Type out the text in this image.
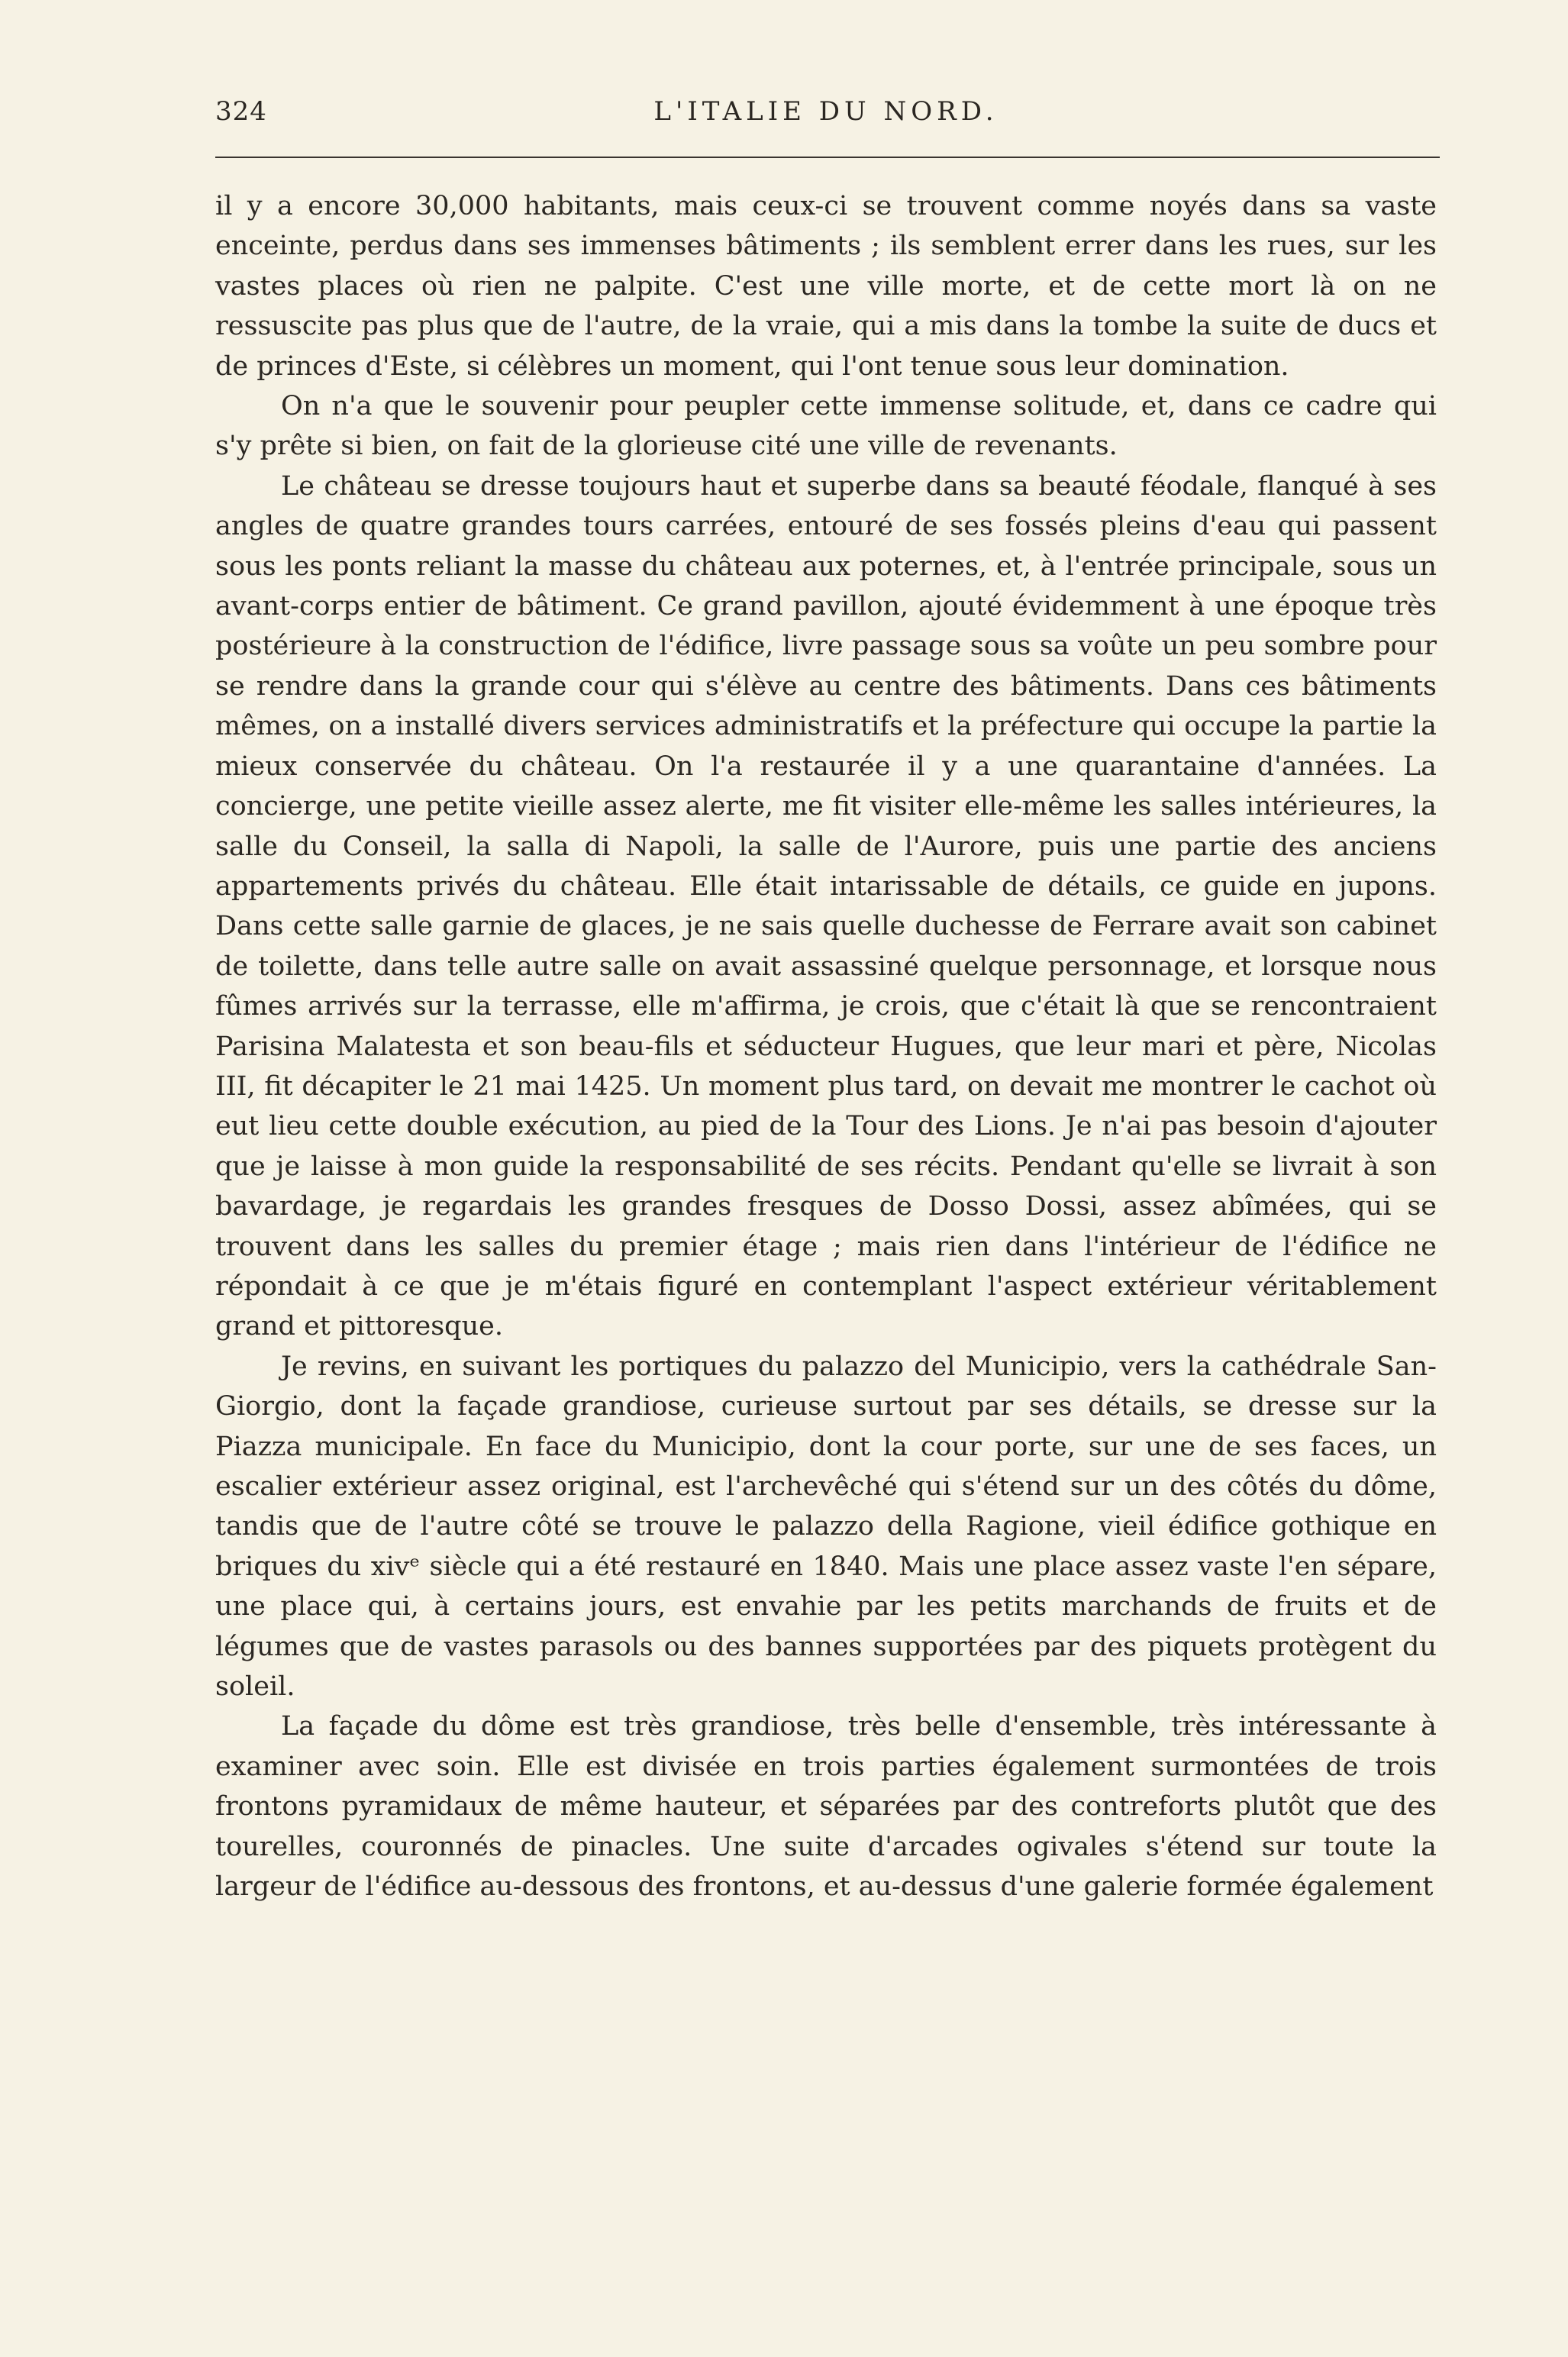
324	L'ITALIE DU NORD.

il y a encore 30,000 habitants, mais ceux-ci se trouvent comme noyés dans sa vaste enceinte, perdus dans ses immenses bâtiments ; ils semblent errer dans les rues, sur les vastes places où rien ne palpite. C'est une ville morte, et de cette mort là on ne ressuscite pas plus que de l'autre, de la vraie, qui a mis dans la tombe la suite de ducs et de princes d'Este, si célèbres un moment, qui l'ont tenue sous leur domination.

On n'a que le souvenir pour peupler cette immense solitude, et, dans ce cadre qui s'y prête si bien, on fait de la glorieuse cité une ville de revenants.

Le château se dresse toujours haut et superbe dans sa beauté féodale, flanqué à ses angles de quatre grandes tours carrées, entouré de ses fossés pleins d'eau qui passent sous les ponts reliant la masse du château aux poternes, et, à l'entrée principale, sous un avant-corps entier de bâtiment. Ce grand pavillon, ajouté évidemment à une époque très postérieure à la construction de l'édifice, livre passage sous sa voûte un peu sombre pour se rendre dans la grande cour qui s'élève au centre des bâtiments. Dans ces bâtiments mêmes, on a installé divers services administratifs et la préfecture qui occupe la partie la mieux conservée du château. On l'a restaurée il y a une quarantaine d'années. La concierge, une petite vieille assez alerte, me fit visiter elle-même les salles intérieures, la salle du Conseil, la salla di Napoli, la salle de l'Aurore, puis une partie des anciens appartements privés du château. Elle était intarissable de détails, ce guide en jupons. Dans cette salle garnie de glaces, je ne sais quelle duchesse de Ferrare avait son cabinet de toilette, dans telle autre salle on avait assassiné quelque personnage, et lorsque nous fûmes arrivés sur la terrasse, elle m'affirma, je crois, que c'était là que se rencontraient Parisina Malatesta et son beau-fils et séducteur Hugues, que leur mari et père, Nicolas III, fit décapiter le 21 mai 1425. Un moment plus tard, on devait me montrer le cachot où eut lieu cette double exécution, au pied de la Tour des Lions. Je n'ai pas besoin d'ajouter que je laisse à mon guide la responsabilité de ses récits. Pendant qu'elle se livrait à son bavardage, je regardais les grandes fresques de Dosso Dossi, assez abîmées, qui se trouvent dans les salles du premier étage ; mais rien dans l'intérieur de l'édifice ne répondait à ce que je m'étais figuré en contemplant l'aspect extérieur véritablement grand et pittoresque.

Je revins, en suivant les portiques du palazzo del Municipio, vers la cathédrale San-Giorgio, dont la façade grandiose, curieuse surtout par ses détails, se dresse sur la Piazza municipale. En face du Municipio, dont la cour porte, sur une de ses faces, un escalier extérieur assez original, est l'archevêché qui s'étend sur un des côtés du dôme, tandis que de l'autre côté se trouve le palazzo della Ragione, vieil édifice gothique en briques du xivᵉ siècle qui a été restauré en 1840. Mais une place assez vaste l'en sépare, une place qui, à certains jours, est envahie par les petits marchands de fruits et de légumes que de vastes parasols ou des bannes supportées par des piquets protègent du soleil.

La façade du dôme est très grandiose, très belle d'ensemble, très intéressante à examiner avec soin. Elle est divisée en trois parties également surmontées de trois frontons pyramidaux de même hauteur, et séparées par des contreforts plutôt que des tourelles, couronnés de pinacles. Une suite d'arcades ogivales s'étend sur toute la largeur de l'édifice au-dessous des frontons, et au-dessus d'une galerie formée également
